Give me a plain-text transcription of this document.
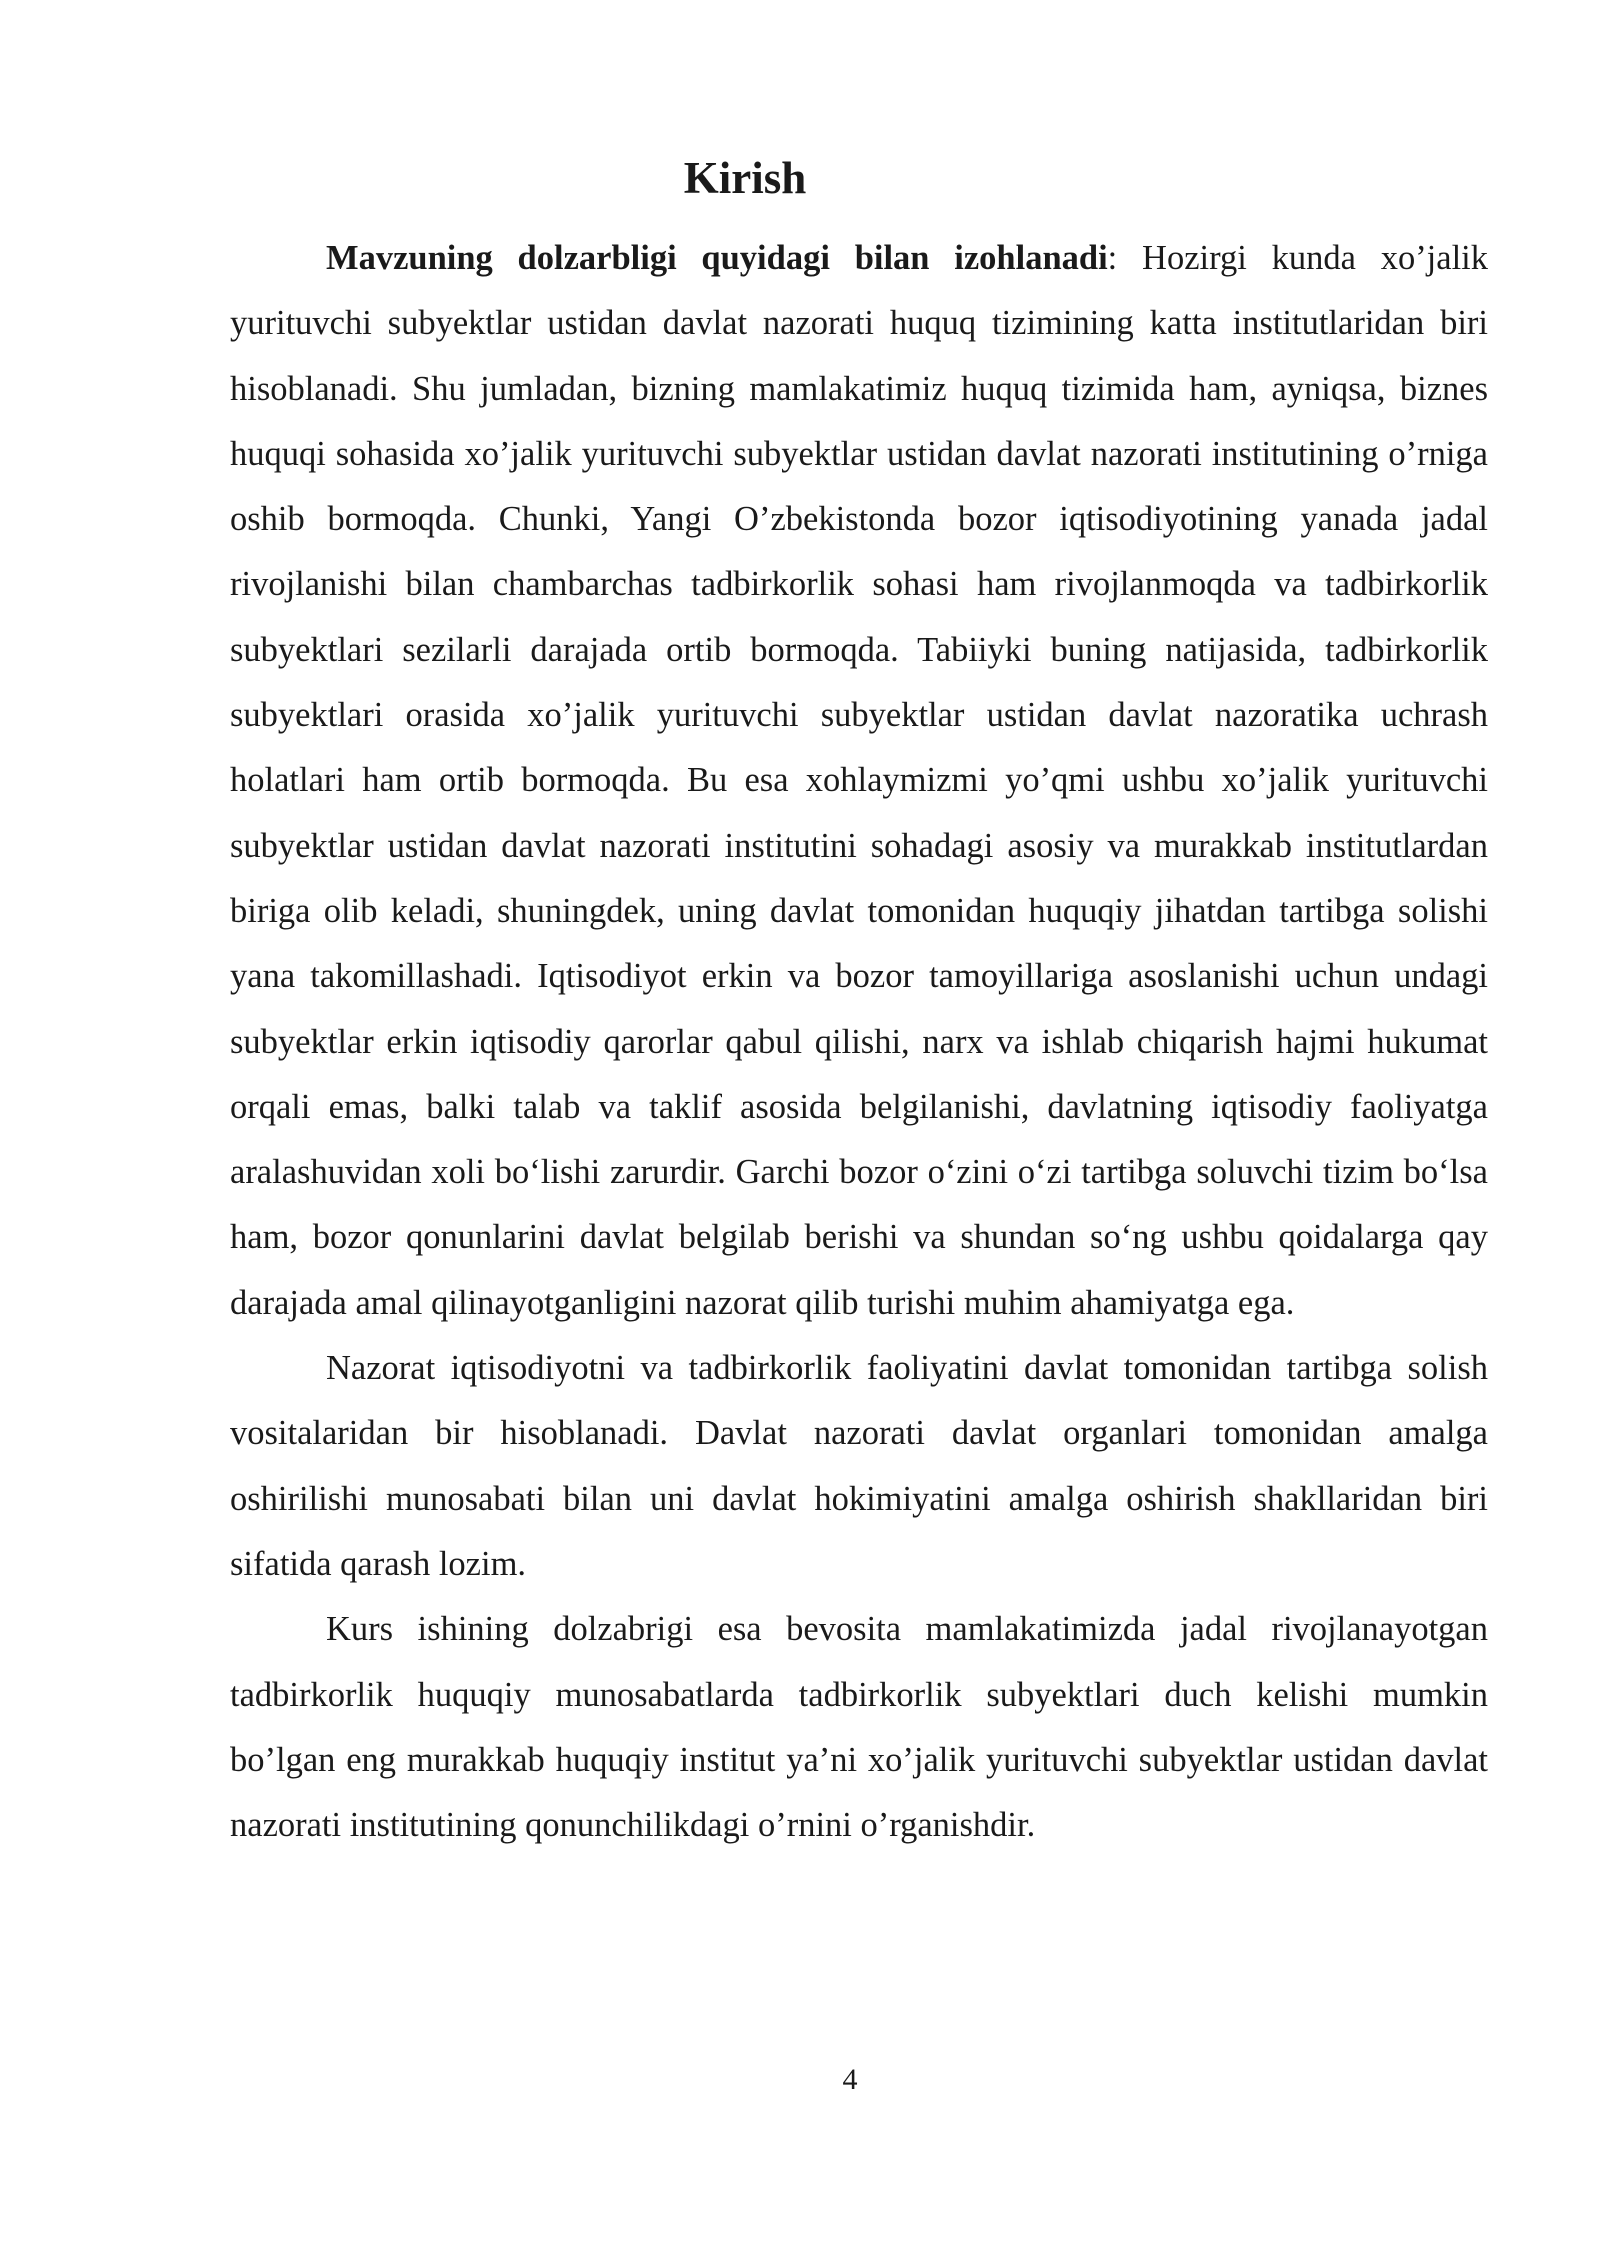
Kirish

Mavzuning dolzarbligi quyidagi bilan izohlanadi: Hozirgi kunda xo’jalik yurituvchi subyektlar ustidan davlat nazorati huquq tizimining katta institutlaridan biri hisoblanadi. Shu jumladan, bizning mamlakatimiz huquq tizimida ham, ayniqsa, biznes huquqi sohasida xo’jalik yurituvchi subyektlar ustidan davlat nazorati institutining o’rniga oshib bormoqda. Chunki, Yangi O’zbekistonda bozor iqtisodiyotining yanada jadal rivojlanishi bilan chambarchas tadbirkorlik sohasi ham rivojlanmoqda va tadbirkorlik subyektlari sezilarli darajada ortib bormoqda. Tabiiyki buning natijasida, tadbirkorlik subyektlari orasida xo’jalik yurituvchi subyektlar ustidan davlat nazoratika uchrash holatlari ham ortib bormoqda. Bu esa xohlaymizmi yo’qmi ushbu xo’jalik yurituvchi subyektlar ustidan davlat nazorati institutini sohadagi asosiy va murakkab institutlardan biriga olib keladi, shuningdek, uning davlat tomonidan huquqiy jihatdan tartibga solishi yana takomillashadi. Iqtisodiyot erkin va bozor tamoyillariga asoslanishi uchun undagi subyektlar erkin iqtisodiy qarorlar qabul qilishi, narx va ishlab chiqarish hajmi hukumat orqali emas, balki talab va taklif asosida belgilanishi, davlatning iqtisodiy faoliyatga aralashuvidan xoli bo‘lishi zarurdir. Garchi bozor o‘zini o‘zi tartibga soluvchi tizim bo‘lsa ham, bozor qonunlarini davlat belgilab berishi va shundan so‘ng ushbu qoidalarga qay darajada amal qilinayotganligini nazorat qilib turishi muhim ahamiyatga ega.

Nazorat iqtisodiyotni va tadbirkorlik faoliyatini davlat tomonidan tartibga solish vositalaridan bir hisoblanadi. Davlat nazorati davlat organlari tomonidan amalga oshirilishi munosabati bilan uni davlat hokimiyatini amalga oshirish shakllaridan biri sifatida qarash lozim.

Kurs ishining dolzabrigi esa bevosita mamlakatimizda jadal rivojlanayotgan tadbirkorlik huquqiy munosabatlarda tadbirkorlik subyektlari duch kelishi mumkin bo’lgan eng murakkab huquqiy institut ya’ni xo’jalik yurituvchi subyektlar ustidan davlat nazorati institutining qonunchilikdagi o’rnini o’rganishdir.

4
